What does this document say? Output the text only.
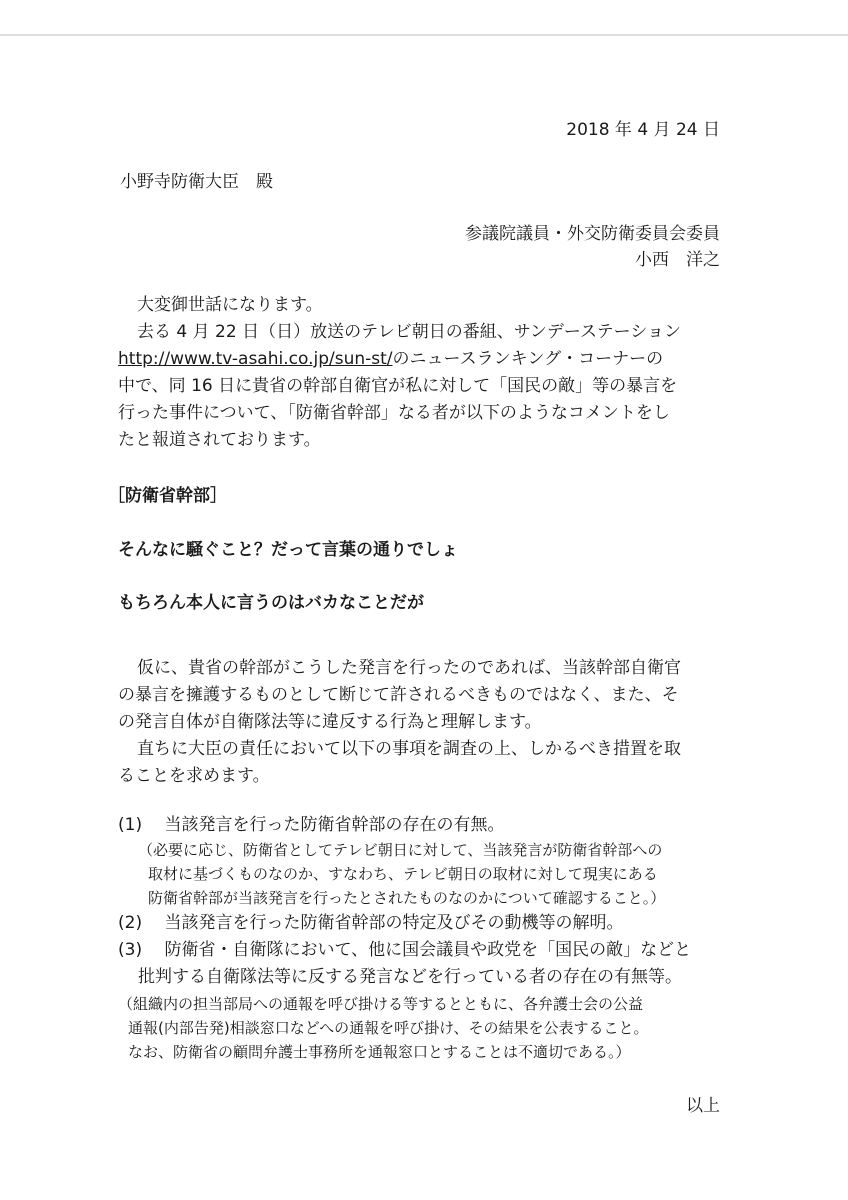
2018 年 4 月 24 日
小野寺防衛大臣　殿
参議院議員・外交防衛委員会委員
小西　洋之
大変御世話になります。
去る 4 月 22 日（日）放送のテレビ朝日の番組、サンデーステーション
http://www.tv-asahi.co.jp/sun-st/のニュースランキング・コーナーの
中で、同 16 日に貴省の幹部自衛官が私に対して「国民の敵」等の暴言を
行った事件について、「防衛省幹部」なる者が以下のようなコメントをし
たと報道されております。
［防衛省幹部］
そんなに騒ぐこと？だって言葉の通りでしょ
もちろん本人に言うのはバカなことだが
仮に、貴省の幹部がこうした発言を行ったのであれば、当該幹部自衛官
の暴言を擁護するものとして断じて許されるべきものではなく、また、そ
の発言自体が自衛隊法等に違反する行為と理解します。
直ちに大臣の責任において以下の事項を調査の上、しかるべき措置を取
ることを求めます。
(1)　 当該発言を行った防衛省幹部の存在の有無。
（必要に応じ、防衛省としてテレビ朝日に対して、当該発言が防衛省幹部への
取材に基づくものなのか、すなわち、テレビ朝日の取材に対して現実にある
防衛省幹部が当該発言を行ったとされたものなのかについて確認すること。）
(2)　 当該発言を行った防衛省幹部の特定及びその動機等の解明。
(3)　 防衛省・自衛隊において、他に国会議員や政党を「国民の敵」などと
批判する自衛隊法等に反する発言などを行っている者の存在の有無等。
（組織内の担当部局への通報を呼び掛ける等するとともに、各弁護士会の公益
通報(内部告発)相談窓口などへの通報を呼び掛け、その結果を公表すること。
なお、防衛省の顧問弁護士事務所を通報窓口とすることは不適切である。）
以上
